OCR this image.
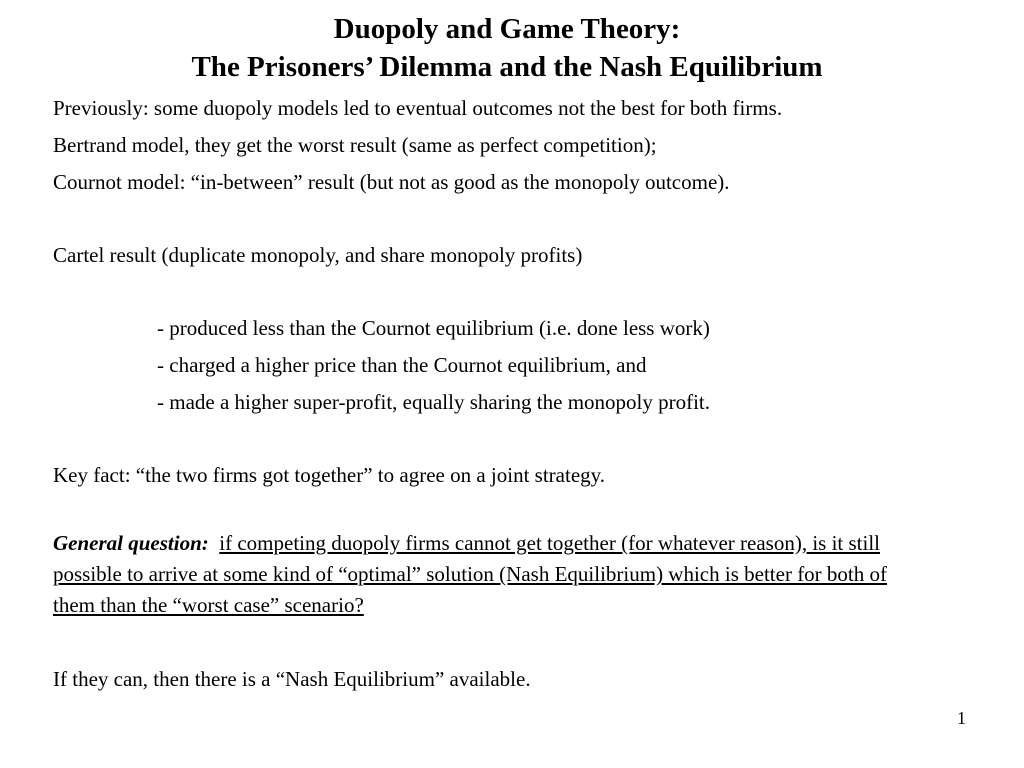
Duopoly and Game Theory:
The Prisoners’ Dilemma and the Nash Equilibrium

Previously: some duopoly models led to eventual outcomes not the best for both firms.

Bertrand model, they get the worst result (same as perfect competition);

Cournot model: “in-between” result (but not as good as the monopoly outcome).

Cartel result (duplicate monopoly, and share monopoly profits)

- produced less than the Cournot equilibrium (i.e. done less work)

- charged a higher price than the Cournot equilibrium, and

- made a higher super-profit, equally sharing the monopoly profit.

Key fact: “the two firms got together” to agree on a joint strategy.

General question: if competing duopoly firms cannot get together (for whatever reason), is it still possible to arrive at some kind of “optimal” solution (Nash Equilibrium) which is better for both of them than the “worst case” scenario?

If they can, then there is a “Nash Equilibrium” available.

1
